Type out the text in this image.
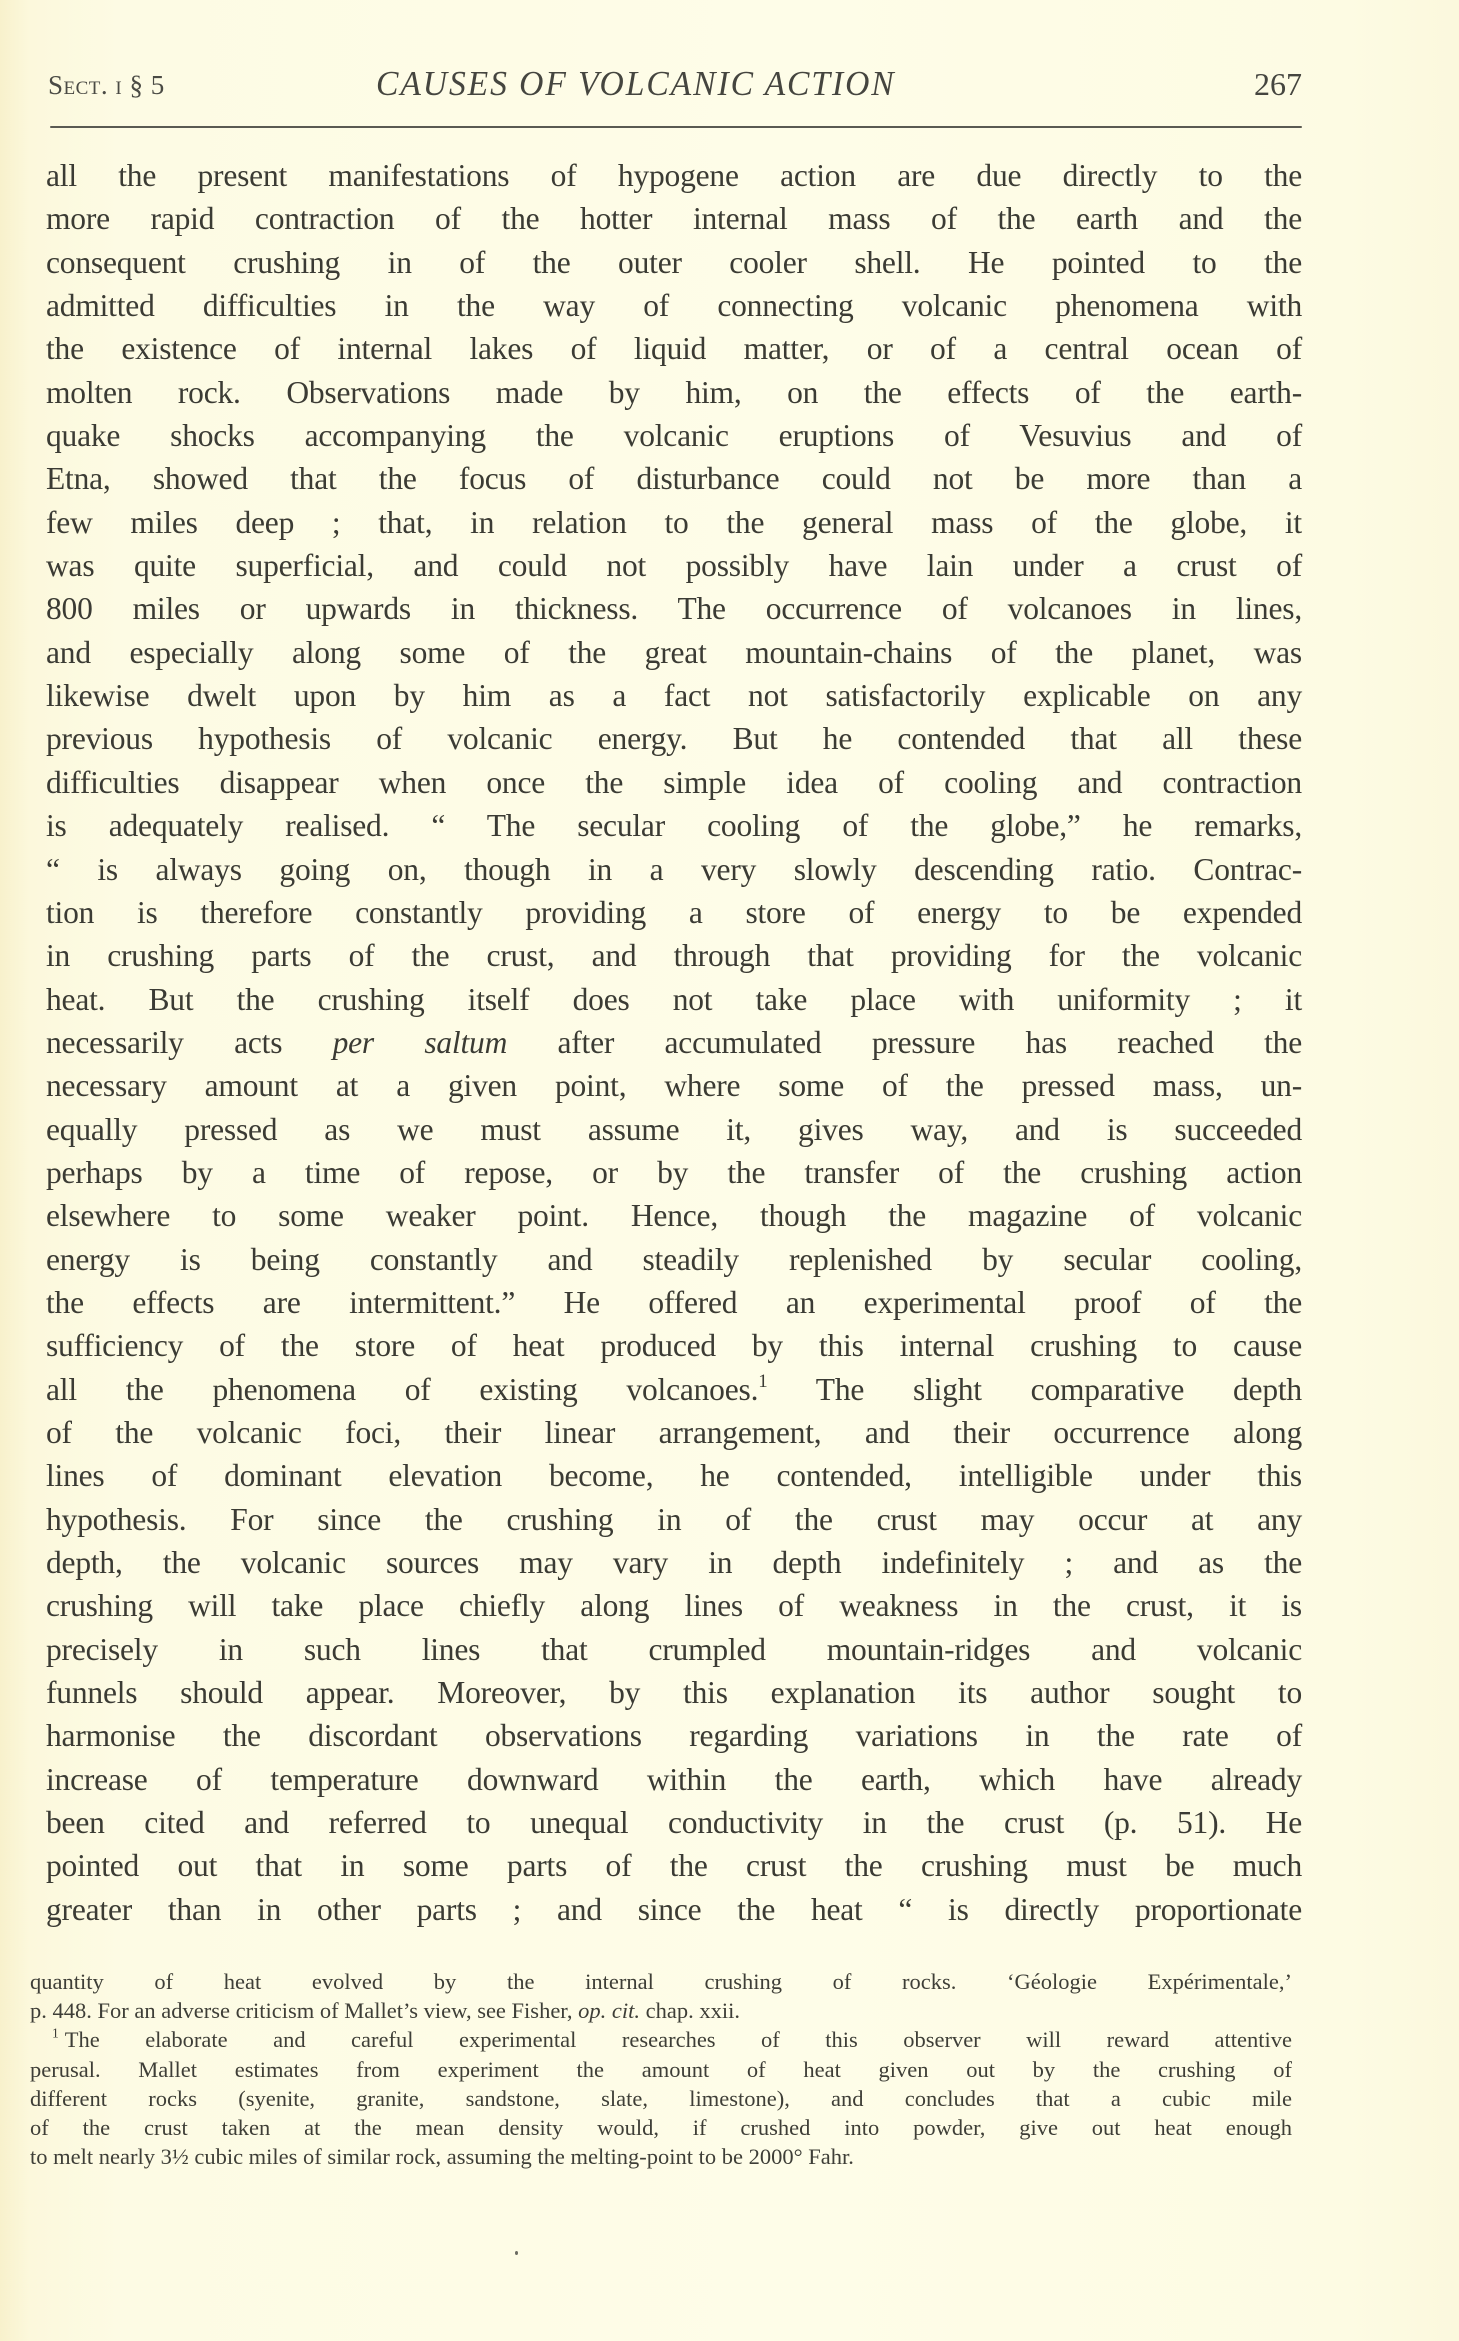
Sect. i § 5	CAUSES OF VOLCANIC ACTION	267
all the present manifestations of hypogene action are due directly to the
more rapid contraction of the hotter internal mass of the earth and the
consequent crushing in of the outer cooler shell. He pointed to the
admitted difficulties in the way of connecting volcanic phenomena with
the existence of internal lakes of liquid matter, or of a central ocean of
molten rock. Observations made by him, on the effects of the earth-
quake shocks accompanying the volcanic eruptions of Vesuvius and of
Etna, showed that the focus of disturbance could not be more than a
few miles deep ; that, in relation to the general mass of the globe, it
was quite superficial, and could not possibly have lain under a crust of
800 miles or upwards in thickness. The occurrence of volcanoes in lines,
and especially along some of the great mountain-chains of the planet, was
likewise dwelt upon by him as a fact not satisfactorily explicable on any
previous hypothesis of volcanic energy. But he contended that all these
difficulties disappear when once the simple idea of cooling and contraction
is adequately realised. “ The secular cooling of the globe,” he remarks,
“ is always going on, though in a very slowly descending ratio. Contrac-
tion is therefore constantly providing a store of energy to be expended
in crushing parts of the crust, and through that providing for the volcanic
heat. But the crushing itself does not take place with uniformity ; it
necessarily acts per saltum after accumulated pressure has reached the
necessary amount at a given point, where some of the pressed mass, un-
equally pressed as we must assume it, gives way, and is succeeded
perhaps by a time of repose, or by the transfer of the crushing action
elsewhere to some weaker point. Hence, though the magazine of volcanic
energy is being constantly and steadily replenished by secular cooling,
the effects are intermittent.” He offered an experimental proof of the
sufficiency of the store of heat produced by this internal crushing to cause
all the phenomena of existing volcanoes.$^1$ The slight comparative depth
of the volcanic foci, their linear arrangement, and their occurrence along
lines of dominant elevation become, he contended, intelligible under this
hypothesis. For since the crushing in of the crust may occur at any
depth, the volcanic sources may vary in depth indefinitely ; and as the
crushing will take place chiefly along lines of weakness in the crust, it is
precisely in such lines that crumpled mountain-ridges and volcanic
funnels should appear. Moreover, by this explanation its author sought to
harmonise the discordant observations regarding variations in the rate of
increase of temperature downward within the earth, which have already
been cited and referred to unequal conductivity in the crust (p. 51). He
pointed out that in some parts of the crust the crushing must be much
greater than in other parts ; and since the heat “ is directly proportionate
quantity of heat evolved by the internal crushing of rocks. ‘Géologie Expérimentale,’
p. 448. For an adverse criticism of Mallet’s view, see Fisher, op. cit. chap. xxii.
$^1$ The elaborate and careful experimental researches of this observer will reward attentive
perusal. Mallet estimates from experiment the amount of heat given out by the crushing of
different rocks (syenite, granite, sandstone, slate, limestone), and concludes that a cubic mile
of the crust taken at the mean density would, if crushed into powder, give out heat enough
to melt nearly 3½ cubic miles of similar rock, assuming the melting-point to be 2000° Fahr.
